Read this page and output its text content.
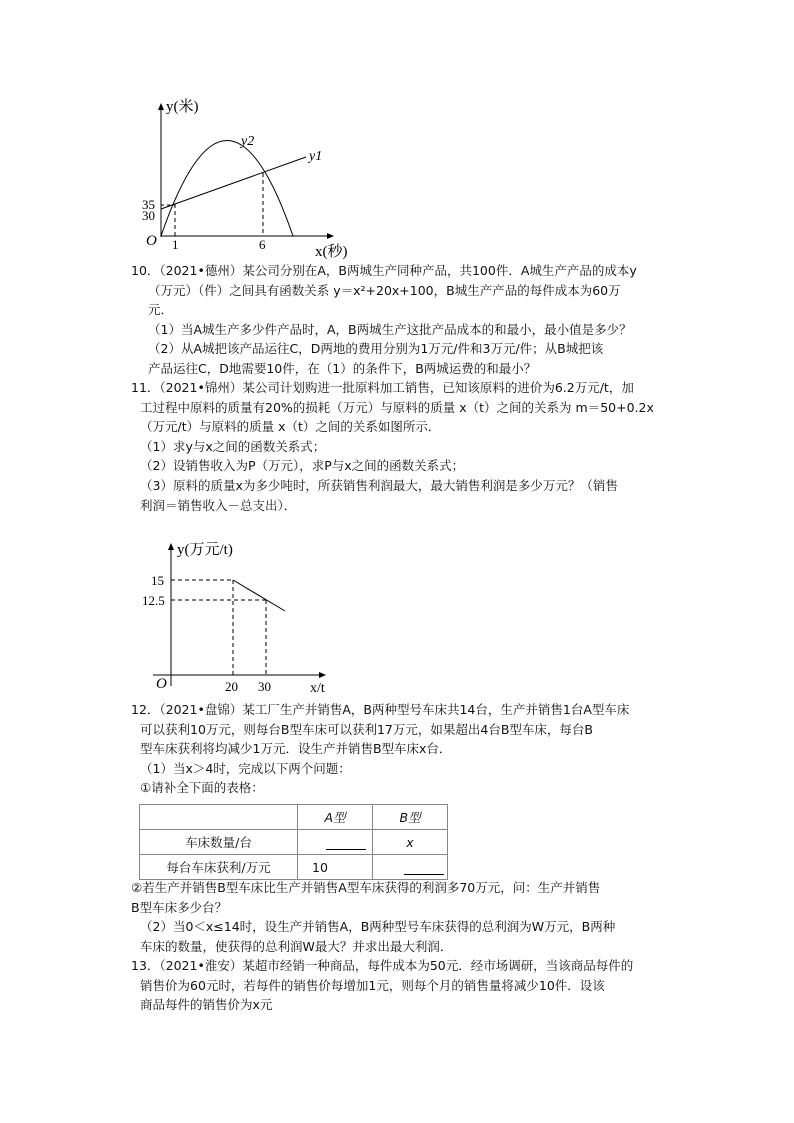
y(米)
x(秒)
O
y2
y1
35
30
1	6
10．（2021•德州）某公司分别在A，B两城生产同种产品，共100件．A城生产产品的成本y
（万元）（件）之间具有函数关系 y＝x²+20x+100，B城生产产品的每件成本为60万
元．
（1）当A城生产多少件产品时，A，B两城生产这批产品成本的和最小，最小值是多少？
（2）从A城把该产品运往C，D两地的费用分别为1万元/件和3万元/件；从B城把该
产品运往C，D地需要10件，在（1）的条件下，B两城运费的和最小？
11．（2021•锦州）某公司计划购进一批原料加工销售，已知该原料的进价为6.2万元/t，加
工过程中原料的质量有20%的损耗（万元）与原料的质量 x（t）之间的关系为 m＝50+0.2x
（万元/t）与原料的质量 x（t）之间的关系如图所示．
（1）求y与x之间的函数关系式；
（2）设销售收入为P（万元），求P与x之间的函数关系式；
（3）原料的质量x为多少吨时，所获销售利润最大，最大销售利润是多少万元？（销售
利润＝销售收入－总支出）．
y(万元/t)
x/t
O
15
12.5
20 30
12．（2021•盘锦）某工厂生产并销售A，B两种型号车床共14台，生产并销售1台A型车床
可以获利10万元，则每台B型车床可以获利17万元，如果超出4台B型车床，每台B
型车床获利将均减少1万元．设生产并销售B型车床x台．
（1）当x＞4时，完成以下两个问题：
①请补全下面的表格：
	A型	B型
车床数量/台		x
每台车床获利/万元	10	
②若生产并销售B型车床比生产并销售A型车床获得的利润多70万元，问：生产并销售
B型车床多少台？
（2）当0＜x≤14时，设生产并销售A，B两种型号车床获得的总利润为W万元，B两种
车床的数量，使获得的总利润W最大？并求出最大利润．
13．（2021•淮安）某超市经销一种商品，每件成本为50元．经市场调研，当该商品每件的
销售价为60元时，若每件的销售价每增加1元，则每个月的销售量将减少10件．设该
商品每件的销售价为x元
